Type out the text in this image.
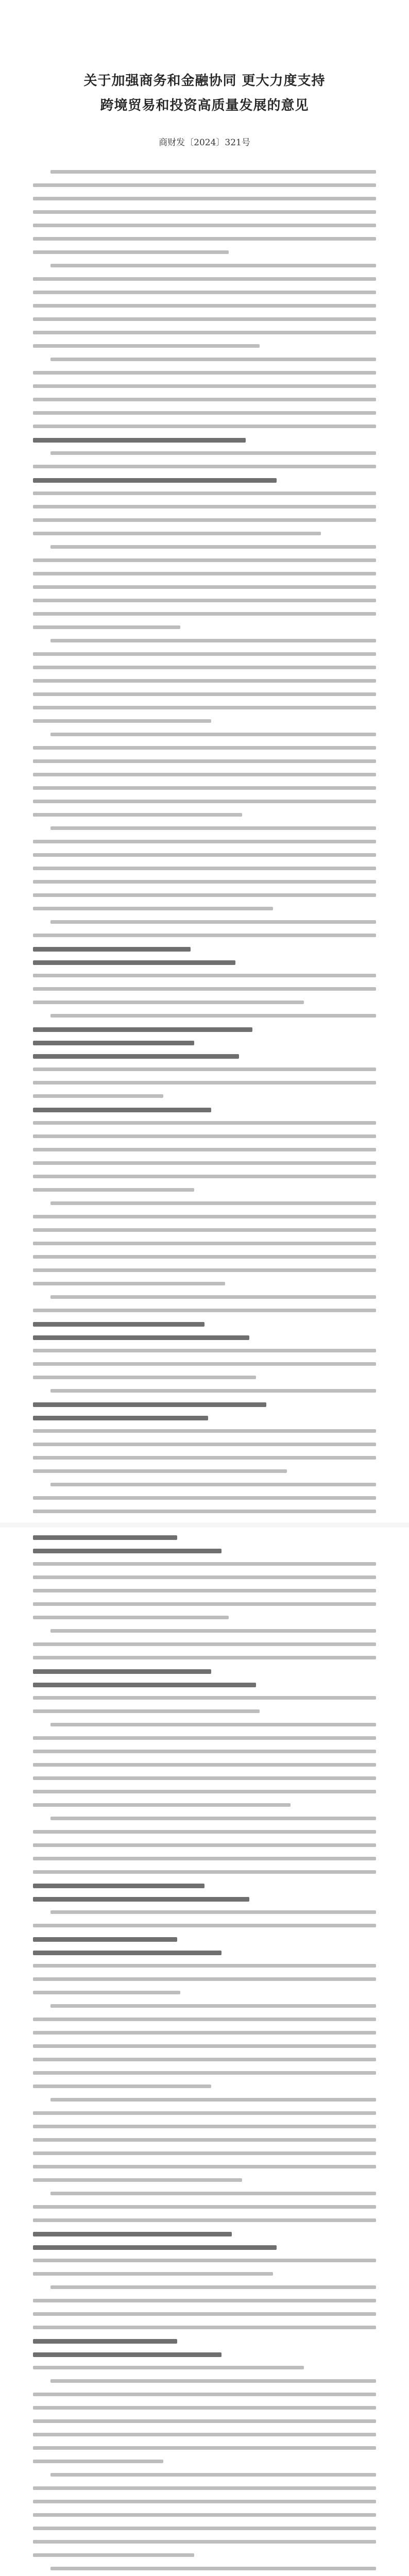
关于加强商务和金融协同 更大力度支持
跨境贸易和投资高质量发展的意见
商财发〔2024〕321号
